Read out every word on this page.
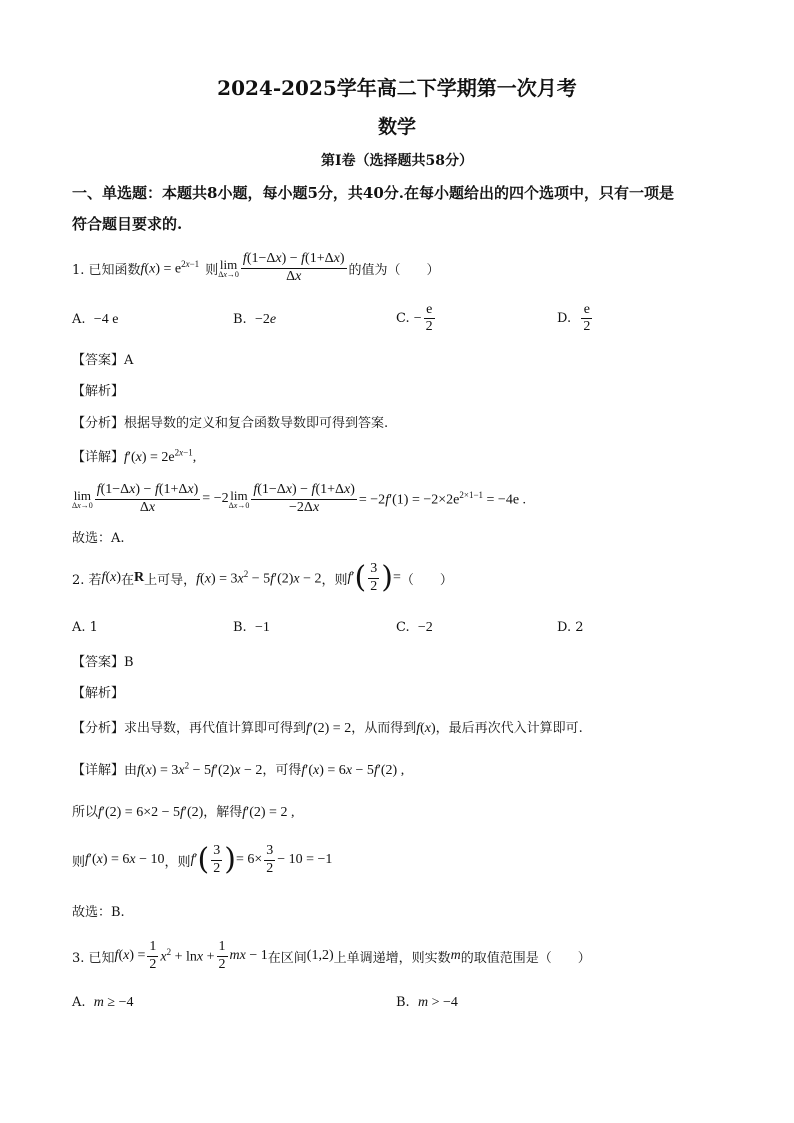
2024-2025学年高二下学期第一次月考
数学
第Ⅰ卷（选择题共58分）
一、单选题：本题共8小题，每小题5分，共40分.在每小题给出的四个选项中，只有一项是
符合题目要求的.
1. 已知函数 $f(x) = e^{2x-1}$ 则 lim
$\Delta x\to 0 \frac{f(1-\Delta x) - f(1+\Delta x)}{\Delta x}$ 的值为（　　）
A. −4 e	B. −2e	C.
− $\frac{e}{2}$	D.
$\frac{e}{2}$
【答案】A
【解析】
【分析】根据导数的定义和复合函数导数即可得到答案.
【详解】$f'(x) = 2e^{2x-1}$,
lim
$\Delta x\to 0 \frac{f(1-\Delta x) - f(1+\Delta x)}{\Delta x} = -2$ lim
$\Delta x\to 0 \frac{f(1-\Delta x) - f(1+\Delta x)}{-2\Delta x} = -2f'(1) = -2\times 2e^{2\times 1-1} = -4e$ .
故选：A.
2. 若 f(x) 在 R 上可导， $f(x) = 3x^2 - 5f'(2)x - 2$ ，则 f′ ( $\frac{3}{2}$ ) = （　　）
A. 1	B. −1	C. −2	D. 2
【答案】B
【解析】
【分析】求出导数，再代值计算即可得到f′(2) = 2，从而得到f(x)，最后再次代入计算即可.
【详解】由$f(x) = 3x^2 - 5f'(2)x - 2$，可得f′(x) = 6x − 5f′(2) ,
所以f′(2) = 6×2 − 5f′(2)，解得f′(2) = 2 ,
则 f′(x) = 6x − 10 ，则 f′ ( $\frac{3}{2}$ ) = $6\times \frac{3}{2} - 10 = -1$
故选：B.
3. 已知 $f(x) = \frac{1}{2} x^2 + \ln x + \frac{1}{2}$ mx − 1 在区间 (1,2) 上单调递增，则实数 m 的取值范围是（　　）
A. m ≥ −4	B. m > −4
